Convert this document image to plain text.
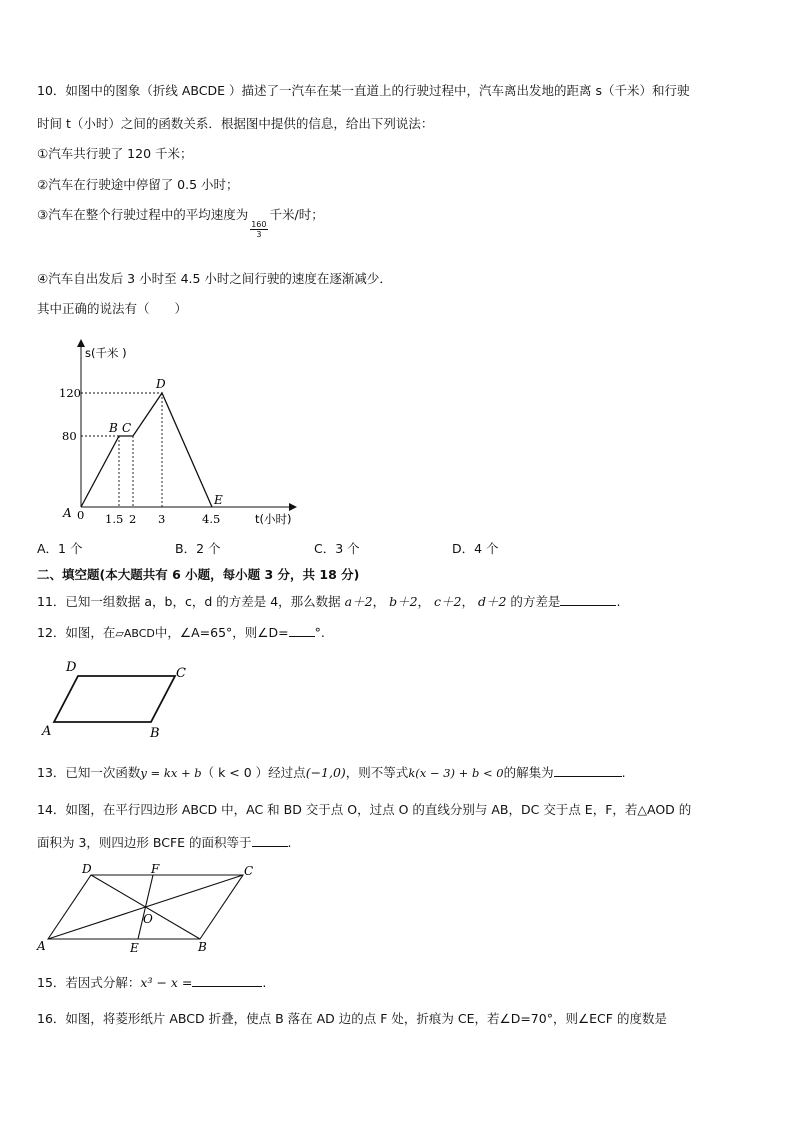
10．如图中的图象（折线 ABCDE ）描述了一汽车在某一直道上的行驶过程中，汽车离出发地的距离 s（千米）和行驶
时间 t（小时）之间的函数关系．根据图中提供的信息，给出下列说法：
①汽车共行驶了 120 千米；
②汽车在行驶途中停留了 0.5 小时；
③汽车在整个行驶过程中的平均速度为
$\frac{160}{3}$
千米/时；
④汽车自出发后 3 小时至 4.5 小时之间行驶的速度在逐渐减少．
其中正确的说法有（　　）
s(千米 )
t(小时)
120
80
0 1.5 2 3	4.5
A
B C
D
E
A．1 个	B．2 个	C．3 个	D．4 个
二、填空题(本大题共有 6 小题，每小题 3 分，共 18 分)
11．已知一组数据 a，b，c，d 的方差是 4，那么数据 a＋2， b＋2， c＋2， d＋2 的方差是	.
12．如图，在▱ABCD中，∠A=65°，则∠D= °.
D	C
A	B
13．已知一次函数y = kx + b（ k < 0 ）经过点(−1,0)，则不等式k(x − 3) + b < 0的解集为	.
14．如图，在平行四边形 ABCD 中，AC 和 BD 交于点 O，过点 O 的直线分别与 AB，DC 交于点 E，F，若△AOD 的
面积为 3，则四边形 BCFE 的面积等于	.
D	F	C
O
A	E	B
15．若因式分解：x³ − x =	.
16．如图，将菱形纸片 ABCD 折叠，使点 B 落在 AD 边的点 F 处，折痕为 CE，若∠D=70°，则∠ECF 的度数是
